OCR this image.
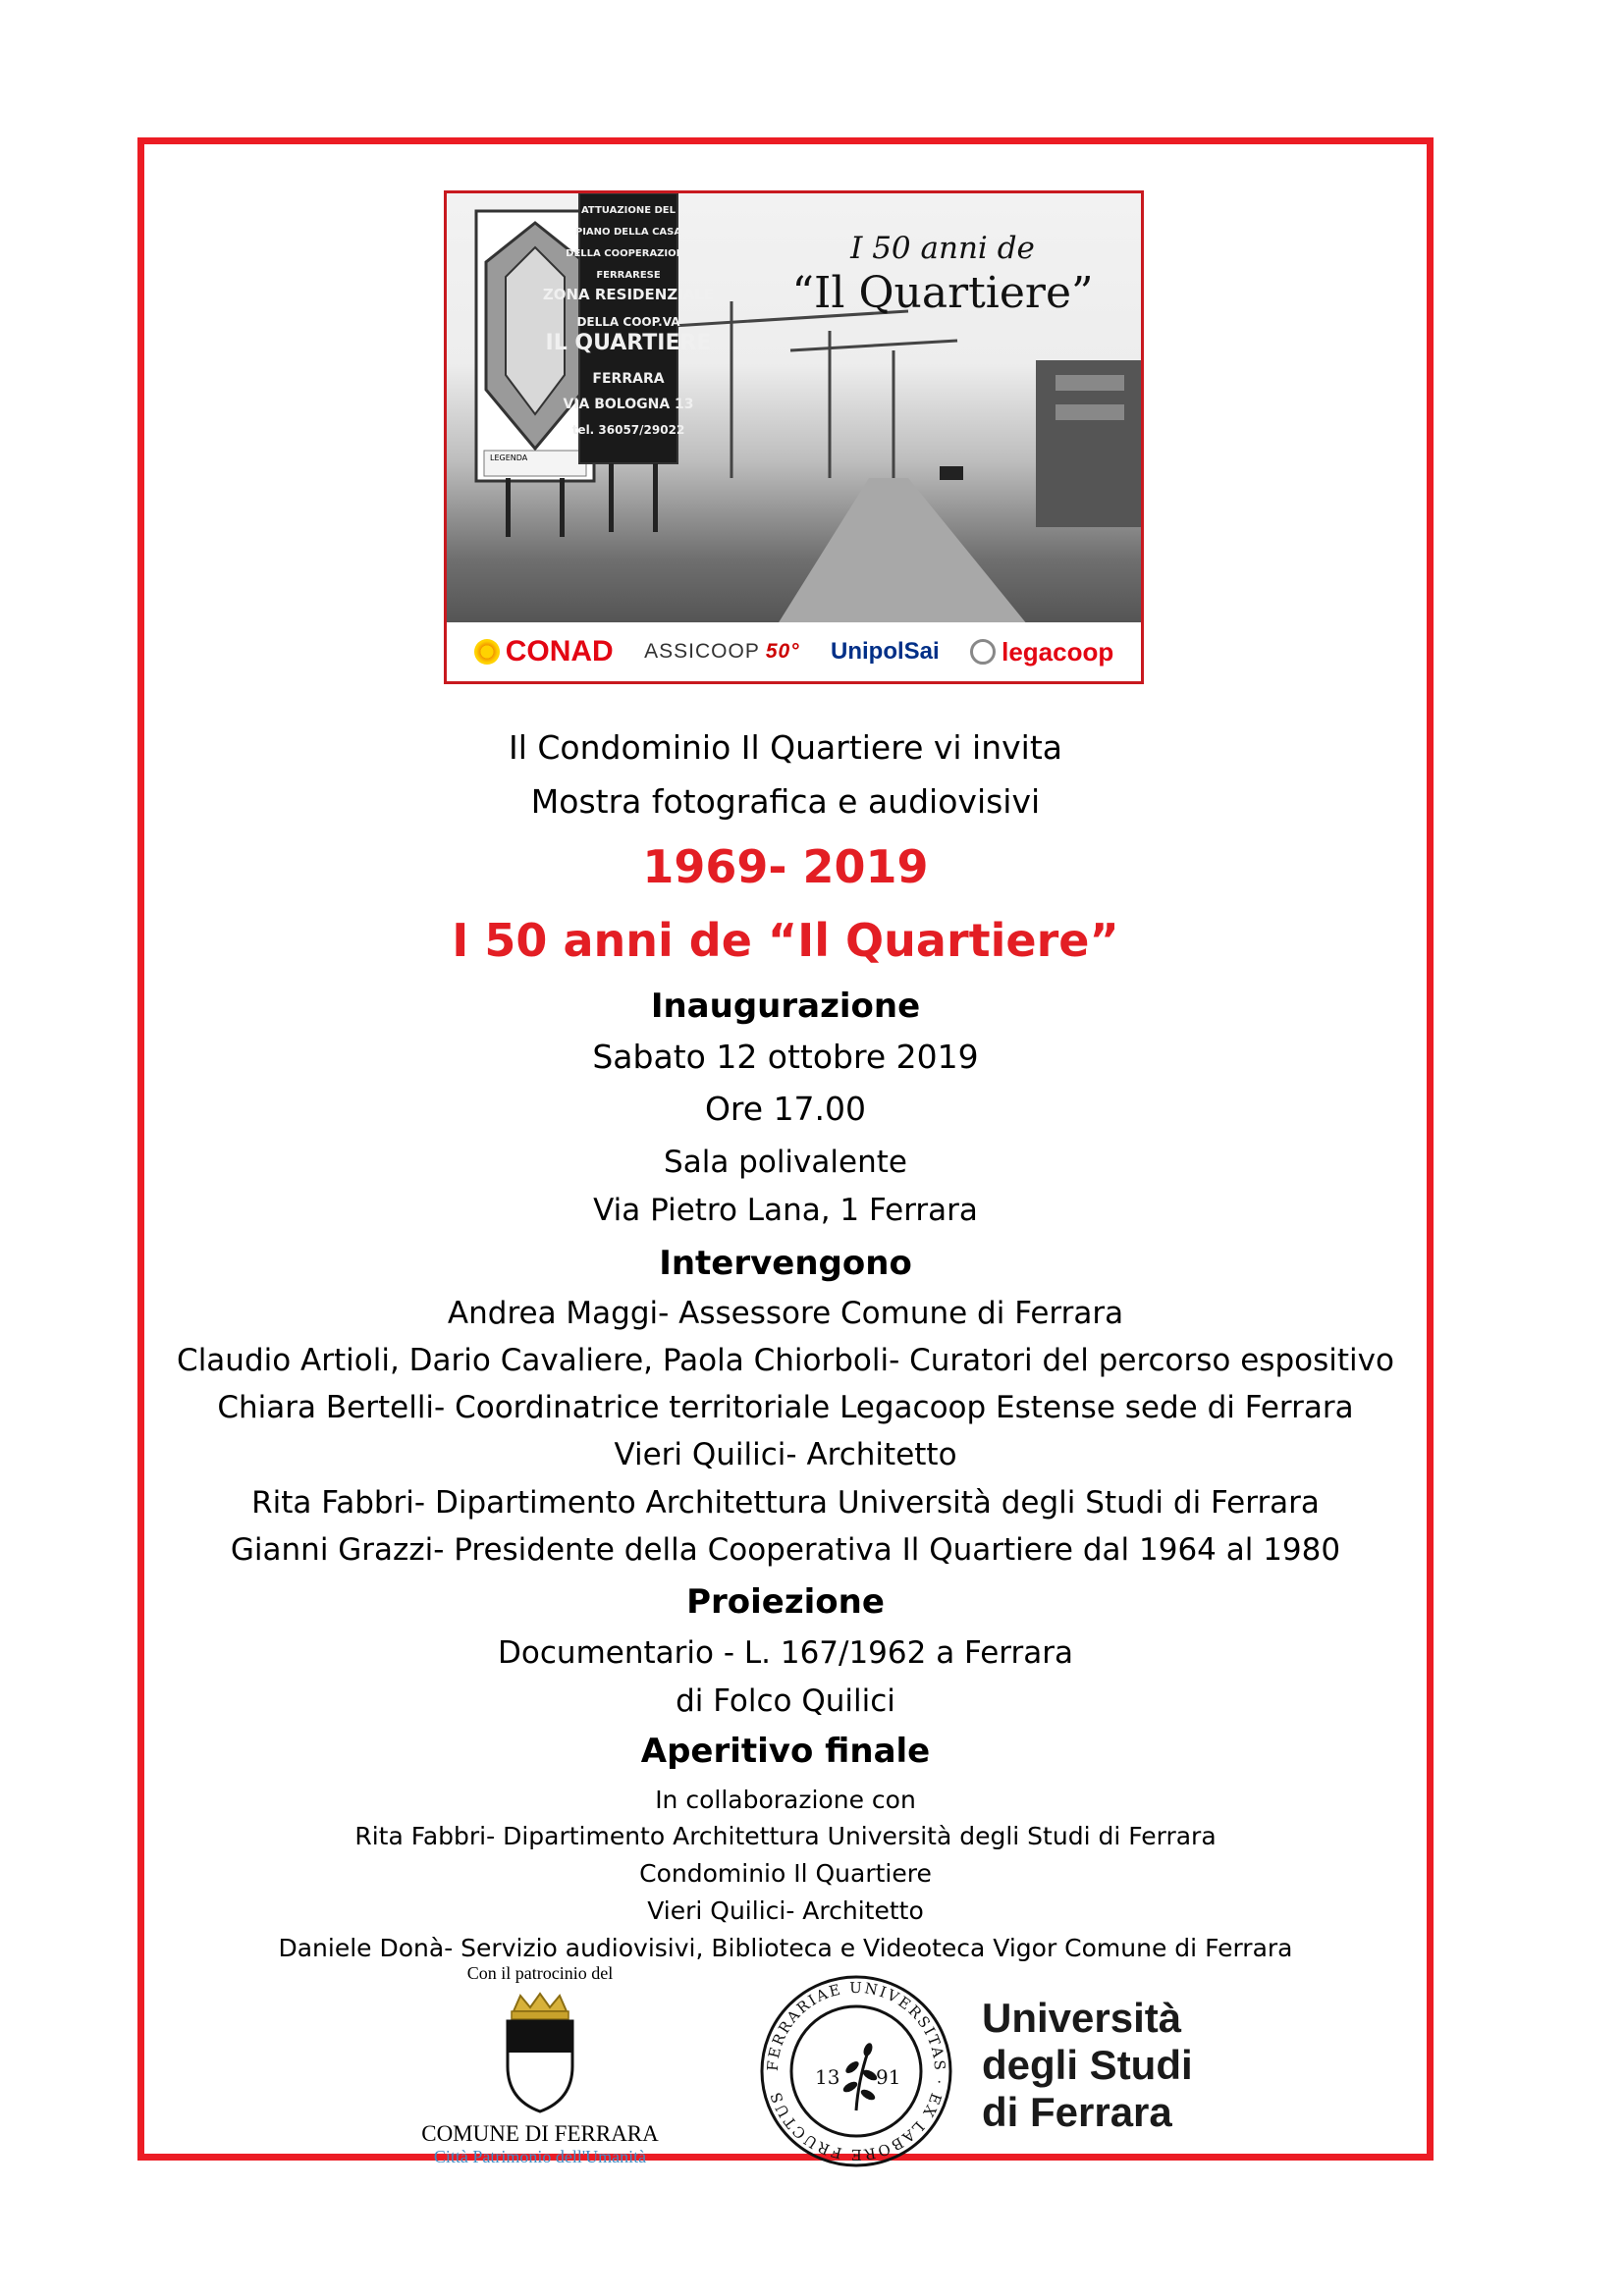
LEGENDA
ATTUAZIONE DEL
PIANO DELLA CASA
DELLA COOPERAZIONE
FERRARESE
ZONA RESIDENZIALE
DELLA COOP.VA
IL QUARTIERE
FERRARA
VIA BOLOGNA 13
tel. 36057/29022
I 50 anni de
“Il Quartiere”
CONAD ASSICOOP 50° UnipolSai legacoop
Il Condominio Il Quartiere vi invita
Mostra fotografica e audiovisivi
1969- 2019
I 50 anni de “Il Quartiere”
Inaugurazione
Sabato 12 ottobre 2019
Ore 17.00
Sala polivalente
Via Pietro Lana, 1 Ferrara
Intervengono
Andrea Maggi- Assessore Comune di Ferrara
Claudio Artioli, Dario Cavaliere, Paola Chiorboli- Curatori del percorso espositivo
Chiara Bertelli- Coordinatrice territoriale Legacoop Estense sede di Ferrara
Vieri Quilici- Architetto
Rita Fabbri- Dipartimento Architettura Università degli Studi di Ferrara
Gianni Grazzi- Presidente della Cooperativa Il Quartiere dal 1964 al 1980
Proiezione
Documentario - L. 167/1962 a Ferrara
di Folco Quilici
Aperitivo finale
In collaborazione con
Rita Fabbri- Dipartimento Architettura Università degli Studi di Ferrara
Condominio Il Quartiere
Vieri Quilici- Architetto
Daniele Donà- Servizio audiovisivi, Biblioteca e Videoteca Vigor Comune di Ferrara
Con il patrocinio del
COMUNE DI FERRARA
Città Patrimonio dell'Umanità
FERRARIAE UNIVERSITAS · EX LABORE FRUCTUS
13 91
Università
degli Studi
di Ferrara
